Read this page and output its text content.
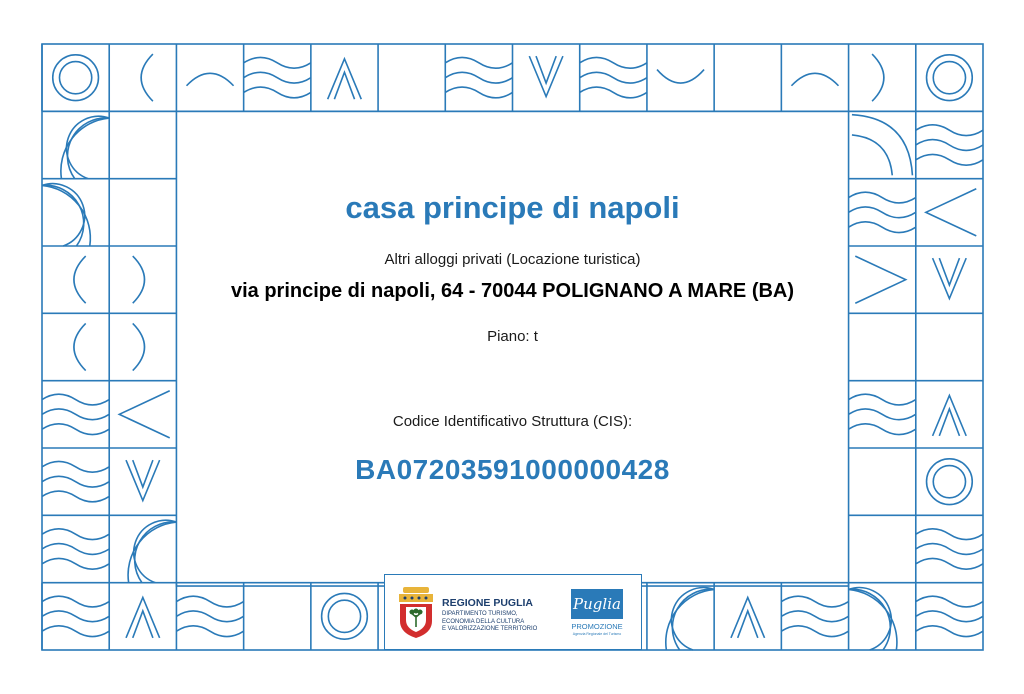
casa principe di napoli
Altri alloggi privati (Locazione turistica)
via principe di napoli, 64 - 70044 POLIGNANO A MARE (BA)
Piano: t
Codice Identificativo Struttura (CIS):
BA07203591000000428
REGIONE PUGLIA
DIPARTIMENTO TURISMO,
ECONOMIA DELLA CULTURA
E VALORIZZAZIONE TERRITORIO
Puglia
PROMOZIONE
Agenzia Regionale del Turismo
